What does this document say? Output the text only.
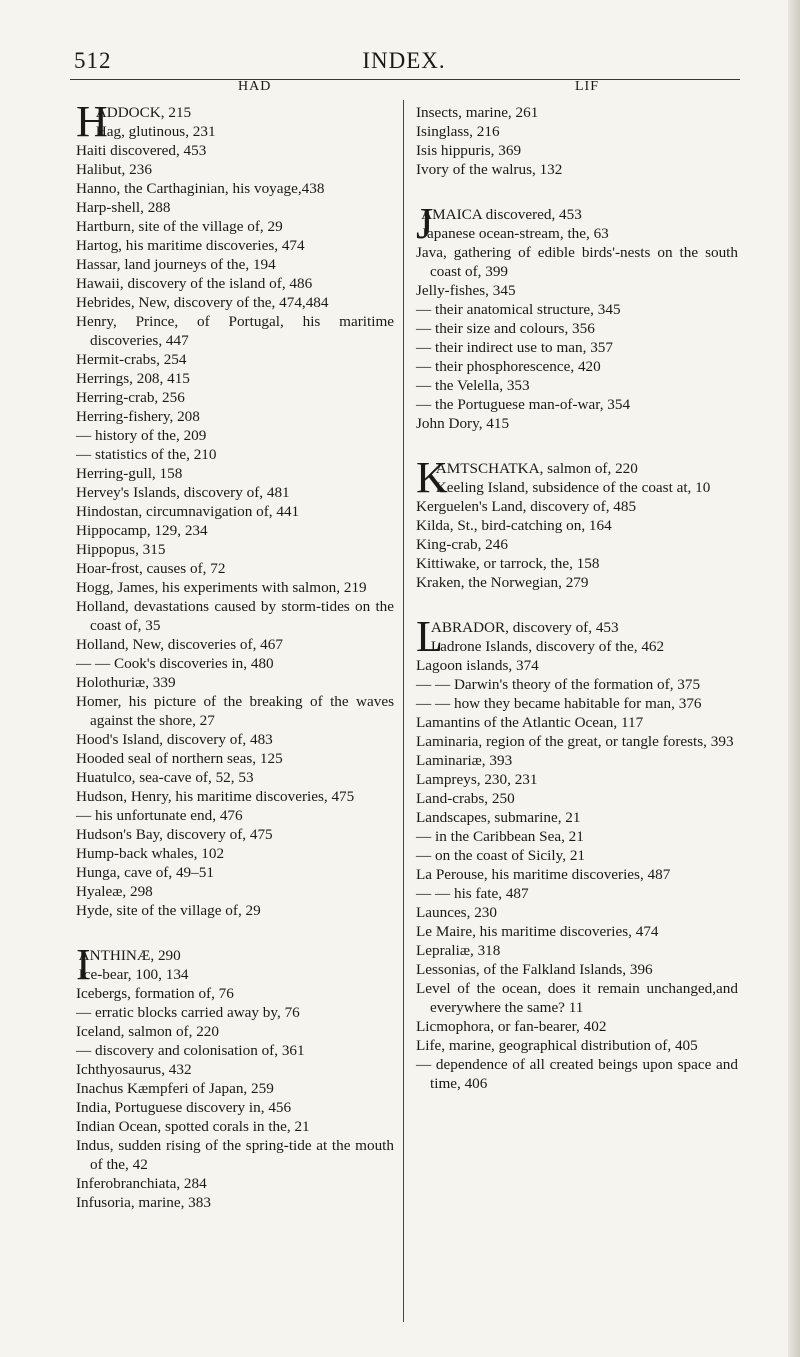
512	INDEX.
HAD	LIF
H
ADDOCK, 215
Hag, glutinous, 231
Haiti discovered, 453
Halibut, 236
Hanno, the Carthaginian, his voyage,438
Harp-shell, 288
Hartburn, site of the village of, 29
Hartog, his maritime discoveries, 474
Hassar, land journeys of the, 194
Hawaii, discovery of the island of, 486
Hebrides, New, discovery of the, 474,484
Henry, Prince, of Portugal, his maritime discoveries, 447
Hermit-crabs, 254
Herrings, 208, 415
Herring-crab, 256
Herring-fishery, 208
— history of the, 209
— statistics of the, 210
Herring-gull, 158
Hervey's Islands, discovery of, 481
Hindostan, circumnavigation of, 441
Hippocamp, 129, 234
Hippopus, 315
Hoar-frost, causes of, 72
Hogg, James, his experiments with salmon, 219
Holland, devastations caused by storm-tides on the coast of, 35
Holland, New, discoveries of, 467
— — Cook's discoveries in, 480
Holothuriæ, 339
Homer, his picture of the breaking of the waves against the shore, 27
Hood's Island, discovery of, 483
Hooded seal of northern seas, 125
Huatulco, sea-cave of, 52, 53
Hudson, Henry, his maritime discoveries, 475
— his unfortunate end, 476
Hudson's Bay, discovery of, 475
Hump-back whales, 102
Hunga, cave of, 49–51
Hyaleæ, 298
Hyde, site of the village of, 29
I
ANTHINÆ, 290
Ice-bear, 100, 134
Icebergs, formation of, 76
— erratic blocks carried away by, 76
Iceland, salmon of, 220
— discovery and colonisation of, 361
Ichthyosaurus, 432
Inachus Kæmpferi of Japan, 259
India, Portuguese discovery in, 456
Indian Ocean, spotted corals in the, 21
Indus, sudden rising of the spring-tide at the mouth of the, 42
Inferobranchiata, 284
Infusoria, marine, 383
Insects, marine, 261
Isinglass, 216
Isis hippuris, 369
Ivory of the walrus, 132
J
AMAICA discovered, 453
Japanese ocean-stream, the, 63
Java, gathering of edible birds'-nests on the south coast of, 399
Jelly-fishes, 345
— their anatomical structure, 345
— their size and colours, 356
— their indirect use to man, 357
— their phosphorescence, 420
— the Velella, 353
— the Portuguese man-of-war, 354
John Dory, 415
K
AMTSCHATKA, salmon of, 220
Keeling Island, subsidence of the coast at, 10
Kerguelen's Land, discovery of, 485
Kilda, St., bird-catching on, 164
King-crab, 246
Kittiwake, or tarrock, the, 158
Kraken, the Norwegian, 279
L
ABRADOR, discovery of, 453
Ladrone Islands, discovery of the, 462
Lagoon islands, 374
— — Darwin's theory of the formation of, 375
— — how they became habitable for man, 376
Lamantins of the Atlantic Ocean, 117
Laminaria, region of the great, or tangle forests, 393
Laminariæ, 393
Lampreys, 230, 231
Land-crabs, 250
Landscapes, submarine, 21
— in the Caribbean Sea, 21
— on the coast of Sicily, 21
La Perouse, his maritime discoveries, 487
— — his fate, 487
Launces, 230
Le Maire, his maritime discoveries, 474
Lepraliæ, 318
Lessonias, of the Falkland Islands, 396
Level of the ocean, does it remain unchanged,and everywhere the same? 11
Licmophora, or fan-bearer, 402
Life, marine, geographical distribution of, 405
— dependence of all created beings upon space and time, 406
